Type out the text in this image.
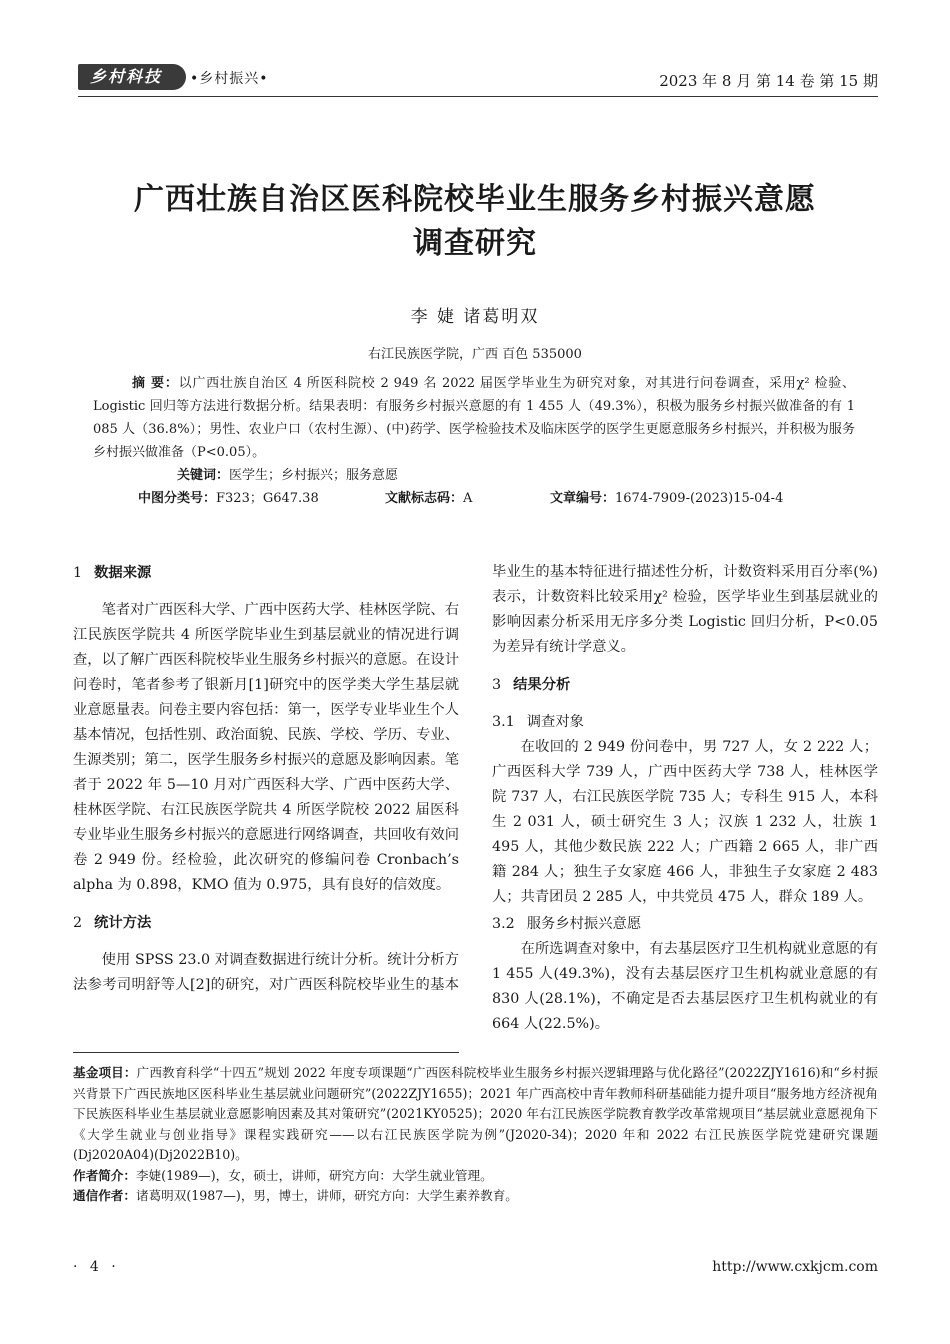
乡村科技	•乡村振兴•	2023 年 8 月 第 14 卷 第 15 期
广西壮族自治区医科院校毕业生服务乡村振兴意愿
调查研究
李 婕 诸葛明双
右江民族医学院，广西 百色 535000

摘 要：以广西壮族自治区 4 所医科院校 2 949 名 2022 届医学毕业生为研究对象，对其进行问卷调查，采用χ² 检验、Logistic 回归等方法进行数据分析。结果表明：有服务乡村振兴意愿的有 1 455 人（49.3%），积极为服务乡村振兴做准备的有 1 085 人（36.8%）；男性、农业户口（农村生源）、(中)药学、医学检验技术及临床医学的医学生更愿意服务乡村振兴，并积极为服务乡村振兴做准备（P<0.05）。

关键词：医学生；乡村振兴；服务意愿

中图分类号：F323；G647.38	文献标志码：A	文章编号：1674-7909-(2023)15-04-4
1 数据来源

笔者对广西医科大学、广西中医药大学、桂林医学院、右江民族医学院共 4 所医学院毕业生到基层就业的情况进行调查，以了解广西医科院校毕业生服务乡村振兴的意愿。在设计问卷时，笔者参考了银新月[1]研究中的医学类大学生基层就业意愿量表。问卷主要内容包括：第一，医学专业毕业生个人基本情况，包括性别、政治面貌、民族、学校、学历、专业、生源类别；第二，医学生服务乡村振兴的意愿及影响因素。笔者于 2022 年 5—10 月对广西医科大学、广西中医药大学、桂林医学院、右江民族医学院共 4 所医学院校 2022 届医科专业毕业生服务乡村振兴的意愿进行网络调查，共回收有效问卷 2 949 份。经检验，此次研究的修编问卷 Cronbach’s alpha 为 0.898，KMO 值为 0.975，具有良好的信效度。

2 统计方法

使用 SPSS 23.0 对调查数据进行统计分析。统计分析方法参考司明舒等人[2]的研究，对广西医科院校毕业生的基本

毕业生的基本特征进行描述性分析，计数资料采用百分率(%)表示，计数资料比较采用χ² 检验，医学毕业生到基层就业的影响因素分析采用无序多分类 Logistic 回归分析，P<0.05 为差异有统计学意义。

3 结果分析
3.1 调查对象

在收回的 2 949 份问卷中，男 727 人，女 2 222 人；广西医科大学 739 人，广西中医药大学 738 人，桂林医学院 737 人，右江民族医学院 735 人；专科生 915 人，本科生 2 031 人，硕士研究生 3 人；汉族 1 232 人，壮族 1 495 人，其他少数民族 222 人；广西籍 2 665 人，非广西籍 284 人；独生子女家庭 466 人，非独生子女家庭 2 483 人；共青团员 2 285 人，中共党员 475 人，群众 189 人。

3.2 服务乡村振兴意愿

在所选调查对象中，有去基层医疗卫生机构就业意愿的有 1 455 人(49.3%)，没有去基层医疗卫生机构就业意愿的有 830 人(28.1%)，不确定是否去基层医疗卫生机构就业的有 664 人(22.5%)。

基金项目：广西教育科学“十四五”规划 2022 年度专项课题“广西医科院校毕业生服务乡村振兴逻辑理路与优化路径”(2022ZJY1616)和“乡村振兴背景下广西民族地区医科毕业生基层就业问题研究”(2022ZJY1655)；2021 年广西高校中青年教师科研基础能力提升项目“服务地方经济视角下民族医科毕业生基层就业意愿影响因素及其对策研究”(2021KY0525)；2020 年右江民族医学院教育教学改革常规项目“基层就业意愿视角下《大学生就业与创业指导》课程实践研究——以右江民族医学院为例”(J2020-34)；2020 年和 2022 右江民族医学院党建研究课题(Dj2020A04)(Dj2022B10)。

作者简介：李婕(1989—)，女，硕士，讲师，研究方向：大学生就业管理。

通信作者：诸葛明双(1987—)，男，博士，讲师，研究方向：大学生素养教育。

· 4 ·	http://www.cxkjcm.com
